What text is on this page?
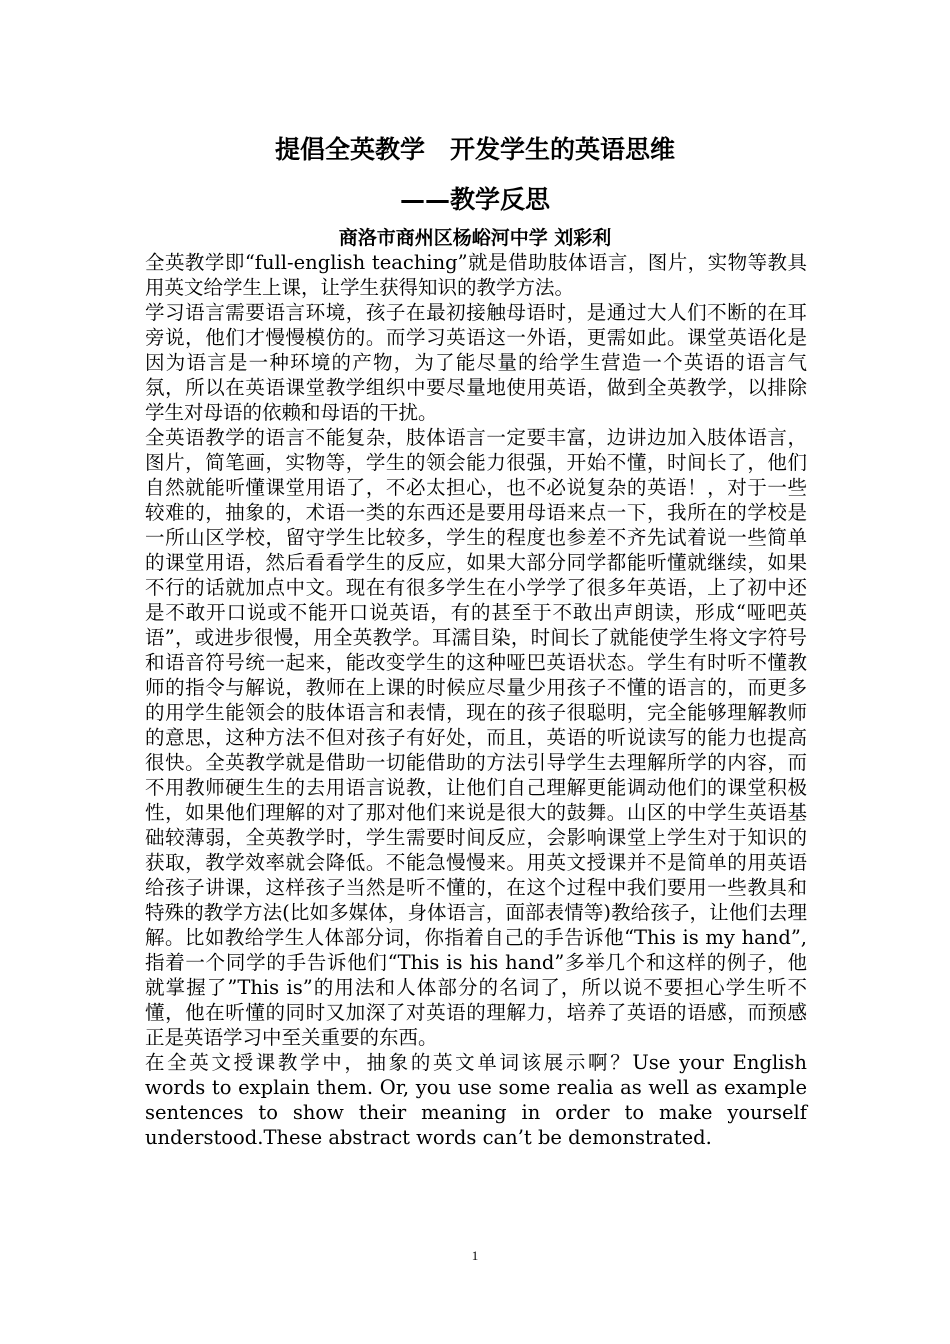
提倡全英教学　开发学生的英语思维
——教学反思
商洛市商州区杨峪河中学 刘彩利

全英教学即“full-english teaching”就是借助肢体语言，图片，实物等教具用英文给学生上课，让学生获得知识的教学方法。

学习语言需要语言环境，孩子在最初接触母语时，是通过大人们不断的在耳旁说，他们才慢慢模仿的。而学习英语这一外语，更需如此。课堂英语化是因为语言是一种环境的产物，为了能尽量的给学生营造一个英语的语言气氛，所以在英语课堂教学组织中要尽量地使用英语，做到全英教学，以排除学生对母语的依赖和母语的干扰。

全英语教学的语言不能复杂，肢体语言一定要丰富，边讲边加入肢体语言，图片，简笔画，实物等，学生的领会能力很强，开始不懂，时间长了，他们自然就能听懂课堂用语了，不必太担心，也不必说复杂的英语！，对于一些较难的，抽象的，术语一类的东西还是要用母语来点一下，我所在的学校是一所山区学校，留守学生比较多，学生的程度也参差不齐先试着说一些简单的课堂用语，然后看看学生的反应，如果大部分同学都能听懂就继续，如果不行的话就加点中文。现在有很多学生在小学学了很多年英语，上了初中还是不敢开口说或不能开口说英语，有的甚至于不敢出声朗读，形成“哑吧英语”，或进步很慢，用全英教学。耳濡目染，时间长了就能使学生将文字符号和语音符号统一起来，能改变学生的这种哑巴英语状态。学生有时听不懂教师的指令与解说，教师在上课的时候应尽量少用孩子不懂的语言的，而更多的用学生能领会的肢体语言和表情，现在的孩子很聪明，完全能够理解教师的意思，这种方法不但对孩子有好处，而且，英语的听说读写的能力也提高很快。全英教学就是借助一切能借助的方法引导学生去理解所学的内容，而不用教师硬生生的去用语言说教，让他们自己理解更能调动他们的课堂积极性，如果他们理解的对了那对他们来说是很大的鼓舞。山区的中学生英语基础较薄弱，全英教学时，学生需要时间反应，会影响课堂上学生对于知识的获取，教学效率就会降低。不能急慢慢来。用英文授课并不是简单的用英语给孩子讲课，这样孩子当然是听不懂的，在这个过程中我们要用一些教具和特殊的教学方法(比如多媒体，身体语言，面部表情等)教给孩子，让他们去理解。比如教给学生人体部分词，你指着自己的手告诉他“This is my hand”,指着一个同学的手告诉他们“This is his hand”多举几个和这样的例子，他就掌握了”This is”的用法和人体部分的名词了，所以说不要担心学生听不懂，他在听懂的同时又加深了对英语的理解力，培养了英语的语感，而预感正是英语学习中至关重要的东西。

在全英文授课教学中，抽象的英文单词该展示啊？Use your English words to explain them. Or, you use some realia as well as example sentences to show their meaning in order to make yourself understood.These abstract words can’t be demonstrated.

1
